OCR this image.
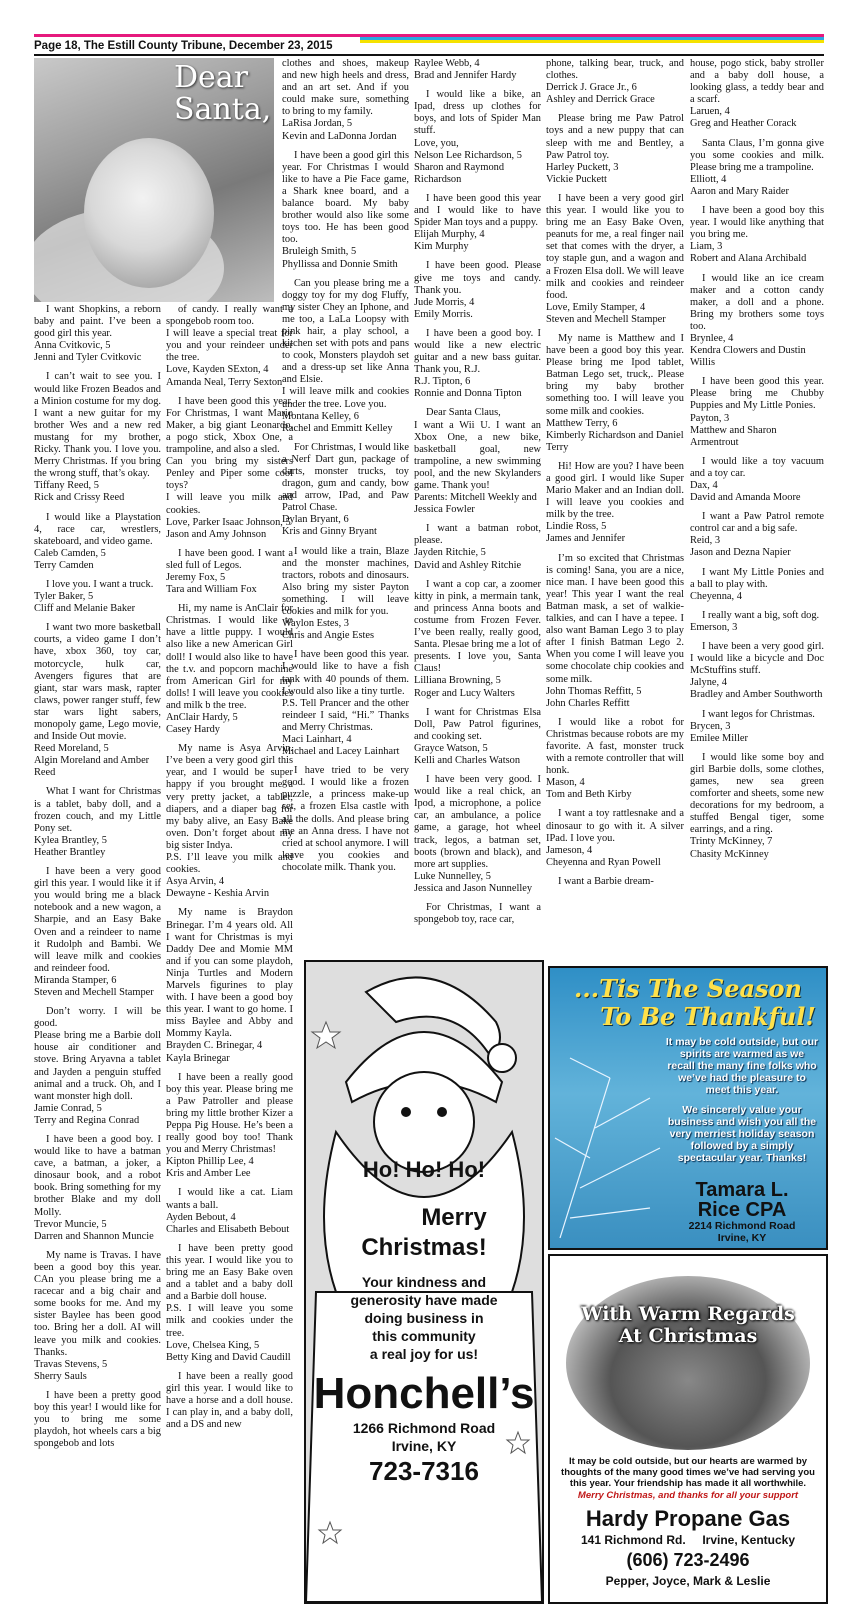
Page 18, The Estill County Tribune, December 23, 2015
Dear Santa,

I want Shopkins, a reborn baby and paint. I’ve been a good girl this year.
Anna Cvitkovic, 5
Jenni and Tyler Cvitkovic

I can’t wait to see you. I would like Frozen Beados and a Minion costume for my dog. I want a new guitar for my brother Wes and a new red mustang for my brother, Ricky. Thank you. I love you. Merry Christmas. If you bring the wrong stuff, that’s okay.
Tiffany Reed, 5
Rick and Crissy Reed

I would like a Playstation 4, race car, wrestlers, skateboard, and video game.
Caleb Camden, 5
Terry Camden

I love you. I want a truck.
Tyler Baker, 5
Cliff and Melanie Baker

I want two more basketball courts, a video game I don’t have, xbox 360, toy car, motorcycle, hulk car, Avengers figures that are giant, star wars mask, rapter claws, power ranger stuff, few star wars light sabers, monopoly game, Lego movie, and Inside Out movie.
Reed Moreland, 5
Algin Moreland and Amber Reed

What I want for Christmas is a tablet, baby doll, and a frozen couch, and my Little Pony set.
Kylea Brantley, 5
Heather Brantley

I have been a very good girl this year. I would like it if you would bring me a black notebook and a new wagon, a Sharpie, and an Easy Bake Oven and a reindeer to name it Rudolph and Bambi. We will leave milk and cookies and reindeer food.
Miranda Stamper, 6
Steven and Mechell Stamper

Don’t worry. I will be good.
Please bring me a Barbie doll house air conditioner and stove. Bring Aryavna a tablet and Jayden a penguin stuffed animal and a truck. Oh, and I want monster high doll.
Jamie Conrad, 5
Terry and Regina Conrad

I have been a good boy. I would like to have a batman cave, a batman, a joker, a dinosaur book, and a robot book. Bring something for my brother Blake and my doll Molly.
Trevor Muncie, 5
Darren and Shannon Muncie

My name is Travas. I have been a good boy this year. CAn you please bring me a racecar and a big chair and some books for me. And my sister Baylee has been good too. Bring her a doll. AI will leave you milk and cookies. Thanks.
Travas Stevens, 5
Sherry Sauls

I have been a pretty good boy this year! I would like for you to bring me some playdoh, hot wheels cars a big spongebob and lots

of candy. I really want a spongebob room too.
I will leave a special treat for you and your reindeer under the tree.
Love, Kayden SExton, 4
Amanda Neal, Terry Sexton

I have been good this year. For Christmas, I want Mario Maker, a big giant Leonardo, a pogo stick, Xbox One, a trampoline, and also a sled.
Can you bring my sisters Penley and Piper some cool toys?
I will leave you milk and cookies.
Love, Parker Isaac Johnson, 5
Jason and Amy Johnson

I have been good. I want a sled full of Legos.
Jeremy Fox, 5
Tara and William Fox

Hi, my name is AnClair for Christmas. I would like to have a little puppy. I would also like a new American Girl doll! I would also like to have the t.v. and popcorn machine from American Girl for my dolls! I will leave you cookies and milk b the tree.
AnClair Hardy, 5
Casey Hardy

My name is Asya Arvin. I’ve been a very good girl this year, and I would be super happy if you brought me a very pretty jacket, a tablet, diapers, and a diaper bag for my baby alive, an Easy Bake oven. Don’t forget about my big sister Indya.
P.S. I’ll leave you milk and cookies.
Asya Arvin, 4
Dewayne - Keshia Arvin

My name is Braydon Brinegar. I’m 4 years old. All I want for Christmas is myi Daddy Dee and Momie MM and if you can some playdoh, Ninja Turtles and Modern Marvels figurines to play with. I have been a good boy this year. I want to go home. I miss Baylee and Abby and Mommy Kayla.
Brayden C. Brinegar, 4
Kayla Brinegar

I have been a really good boy this year. Please bring me a Paw Patroller and please bring my little brother Kizer a Peppa Pig House. He’s been a really good boy too! Thank you and Merry Christmas!
Kipton Phillip Lee, 4
Kris and Amber Lee

I would like a cat. Liam wants a ball.
Ayden Bebout, 4
Charles and Elisabeth Bebout

I have been pretty good this year. I would like you to bring me an Easy Bake oven and a tablet and a baby doll and a Barbie doll house.
P.S. I will leave you some milk and cookies under the tree.
Love, Chelsea King, 5
Betty King and David Caudill

I have been a really good girl this year. I would like to have a horse and a doll house. I can play in, and a baby doll, and a DS and new

clothes and shoes, makeup and new high heels and dress, and an art set. And if you could make sure, something to bring to my family.
LaRisa Jordan, 5
Kevin and LaDonna Jordan

I have been a good girl this year. For Christmas I would like to have a Pie Face game, a Shark knee board, and a balance board. My baby brother would also like some toys too. He has been good too.
Bruleigh Smith, 5
Phyllissa and Donnie Smith

Can you please bring me a doggy toy for my dog Fluffy, my sister Chey an Iphone, and me too, a LaLa Loopsy with pink hair, a play school, a kitchen set with pots and pans to cook, Monsters playdoh set and a dress-up set like Anna and Elsie.
I will leave milk and cookies under the tree. Love you.
Montana Kelley, 6
Rachel and Emmitt Kelley

For Christmas, I would like a Nerf Dart gun, package of darts, monster trucks, toy dragon, gum and candy, bow and arrow, IPad, and Paw Patrol Chase.
Dylan Bryant, 6
Kris and Ginny Bryant

I would like a train, Blaze and the monster machines, tractors, robots and dinosaurs. Also bring my sister Payton something. I will leave cookies and milk for you.
Waylon Estes, 3
Chris and Angie Estes

I have been good this year. I would like to have a fish tank with 40 pounds of them. I would also like a tiny turtle.
P.S. Tell Prancer and the other reindeer I said, “Hi.” Thanks and Merry Christmas.
Maci Lainhart, 4
Michael and Lacey Lainhart

I have tried to be very good. I would like a frozen puzzle, a princess make-up set, a frozen Elsa castle with all the dolls. And please bring me an Anna dress. I have not cried at school anymore. I will leave you cookies and chocolate milk. Thank you.

Raylee Webb, 4
Brad and Jennifer Hardy

I would like a bike, an Ipad, dress up clothes for boys, and lots of Spider Man stuff.
Love, you,
Nelson Lee Richardson, 5
Sharon and Raymond Richardson

I have been good this year and I would like to have Spider Man toys and a puppy.
Elijah Murphy, 4
Kim Murphy

I have been good. Please give me toys and candy. Thank you.
Jude Morris, 4
Emily Morris.

I have been a good boy. I would like a new electric guitar and a new bass guitar. Thank you, R.J.
R.J. Tipton, 6
Ronnie and Donna Tipton

Dear Santa Claus,
I want a Wii U. I want an Xbox One, a new bike, basketball goal, new trampoline, a new swimming pool, and the new Skylanders game. Thank you!
Parents: Mitchell Weekly and Jessica Fowler

I want a batman robot, please.
Jayden Ritchie, 5
David and Ashley Ritchie

I want a cop car, a zoomer kitty in pink, a mermain tank, and princess Anna boots and costume from Frozen Fever. I’ve been really, really good, Santa. Plesae bring me a lot of presents. I love you, Santa Claus!
Lilliana Browning, 5
Roger and Lucy Walters

I want for Christmas Elsa Doll, Paw Patrol figurines, and cooking set.
Grayce Watson, 5
Kelli and Charles Watson

I have been very good. I would like a real chick, an Ipod, a microphone, a police car, an ambulance, a police game, a garage, hot wheel track, legos, a batman set, boots (brown and black), and more art supplies.
Luke Nunnelley, 5
Jessica and Jason Nunnelley

For Christmas, I want a spongebob toy, race car,

phone, talking bear, truck, and clothes.
Derrick J. Grace Jr., 6
Ashley and Derrick Grace

Please bring me Paw Patrol toys and a new puppy that can sleep with me and Bentley, a Paw Patrol toy.
Harley Puckett, 3
Vickie Puckett

I have been a very good girl this year. I would like you to bring me an Easy Bake Oven, peanuts for me, a real finger nail set that comes with the dryer, a toy staple gun, and a wagon and a Frozen Elsa doll. We will leave milk and cookies and reindeer food.
Love, Emily Stamper, 4
Steven and Mechell Stamper

My name is Matthew and I have been a good boy this year. Please bring me Ipod tablet, Batman Lego set, truck,. Please bring my baby brother something too. I will leave you some milk and cookies.
Matthew Terry, 6
Kimberly Richardson and Daniel Terry

Hi! How are you? I have been a good girl. I would like Super Mario Maker and an Indian doll. I will leave you cookies and milk by the tree.
Lindie Ross, 5
James and Jennifer

I’m so excited that Christmas is coming! Sana, you are a nice, nice man. I have been good this year! This year I want the real Batman mask, a set of walkie-talkies, and can I have a tepee. I also want Baman Lego 3 to play after I finish Batman Lego 2. When you come I will leave you some chocolate chip cookies and some milk.
John Thomas Reffitt, 5
John Charles Reffitt

I would like a robot for Christmas because robots are my favorite. A fast, monster truck with a remote controller that will honk.
Mason, 4
Tom and Beth Kirby

I want a toy rattlesnake and a dinosaur to go with it. A silver IPad. I love you.
Jameson, 4
Cheyenna and Ryan Powell

I want a Barbie dream-

house, pogo stick, baby stroller and a baby doll house, a looking glass, a teddy bear and a scarf.
Laruen, 4
Greg and Heather Corack

Santa Claus, I’m gonna give you some cookies and milk. Please bring me a trampoline.
Elliott, 4
Aaron and Mary Raider

I have been a good boy this year. I would like anything that you bring me.
Liam, 3
Robert and Alana Archibald

I would like an ice cream maker and a cotton candy maker, a doll and a phone. Bring my brothers some toys too.
Brynlee, 4
Kendra Clowers and Dustin Willis

I have been good this year. Please bring me Chubby Puppies and My Little Ponies.
Payton, 3
Matthew and Sharon Armentrout

I would like a toy vacuum and a toy car.
Dax, 4
David and Amanda Moore

I want a Paw Patrol remote control car and a big safe.
Reid, 3
Jason and Dezna Napier

I want My Little Ponies and a ball to play with.
Cheyenna, 4

I really want a big, soft dog.
Emerson, 3

I have been a very good girl. I would like a bicycle and Doc McStuffins stuff.
Jalyne, 4
Bradley and Amber Southworth

I want legos for Christmas.
Brycen, 3
Emilee Miller

I would like some boy and girl Barbie dolls, some clothes, games, new sea green comforter and sheets, some new decorations for my bedroom, a stuffed Bengal tiger, some earrings, and a ring.
Trinty McKinney, 7
Chasity McKinney

Ho! Ho! Ho!
Merry
Christmas!
Your kindness and
generosity have made
doing business in
this community
a real joy for us!
Honchell’s
1266 Richmond Road
Irvine, KY
723-7316
...Tis The Season
To Be Thankful!

It may be cold outside, but our spirits are warmed as we recall the many fine folks who we’ve had the pleasure to meet this year.

We sincerely value your business and wish you all the very merriest holiday season followed by a simply spectacular year. Thanks!

Tamara L.
Rice CPA
2214 Richmond Road
Irvine, KY
With Warm Regards
At Christmas
It may be cold outside, but our hearts are warmed by thoughts of the many good times we’ve had serving you this year. Your friendship has made it all worthwhile.
Merry Christmas, and thanks for all your support
Hardy Propane Gas
141 Richmond Rd.     Irvine, Kentucky
(606) 723-2496
Pepper, Joyce, Mark & Leslie
